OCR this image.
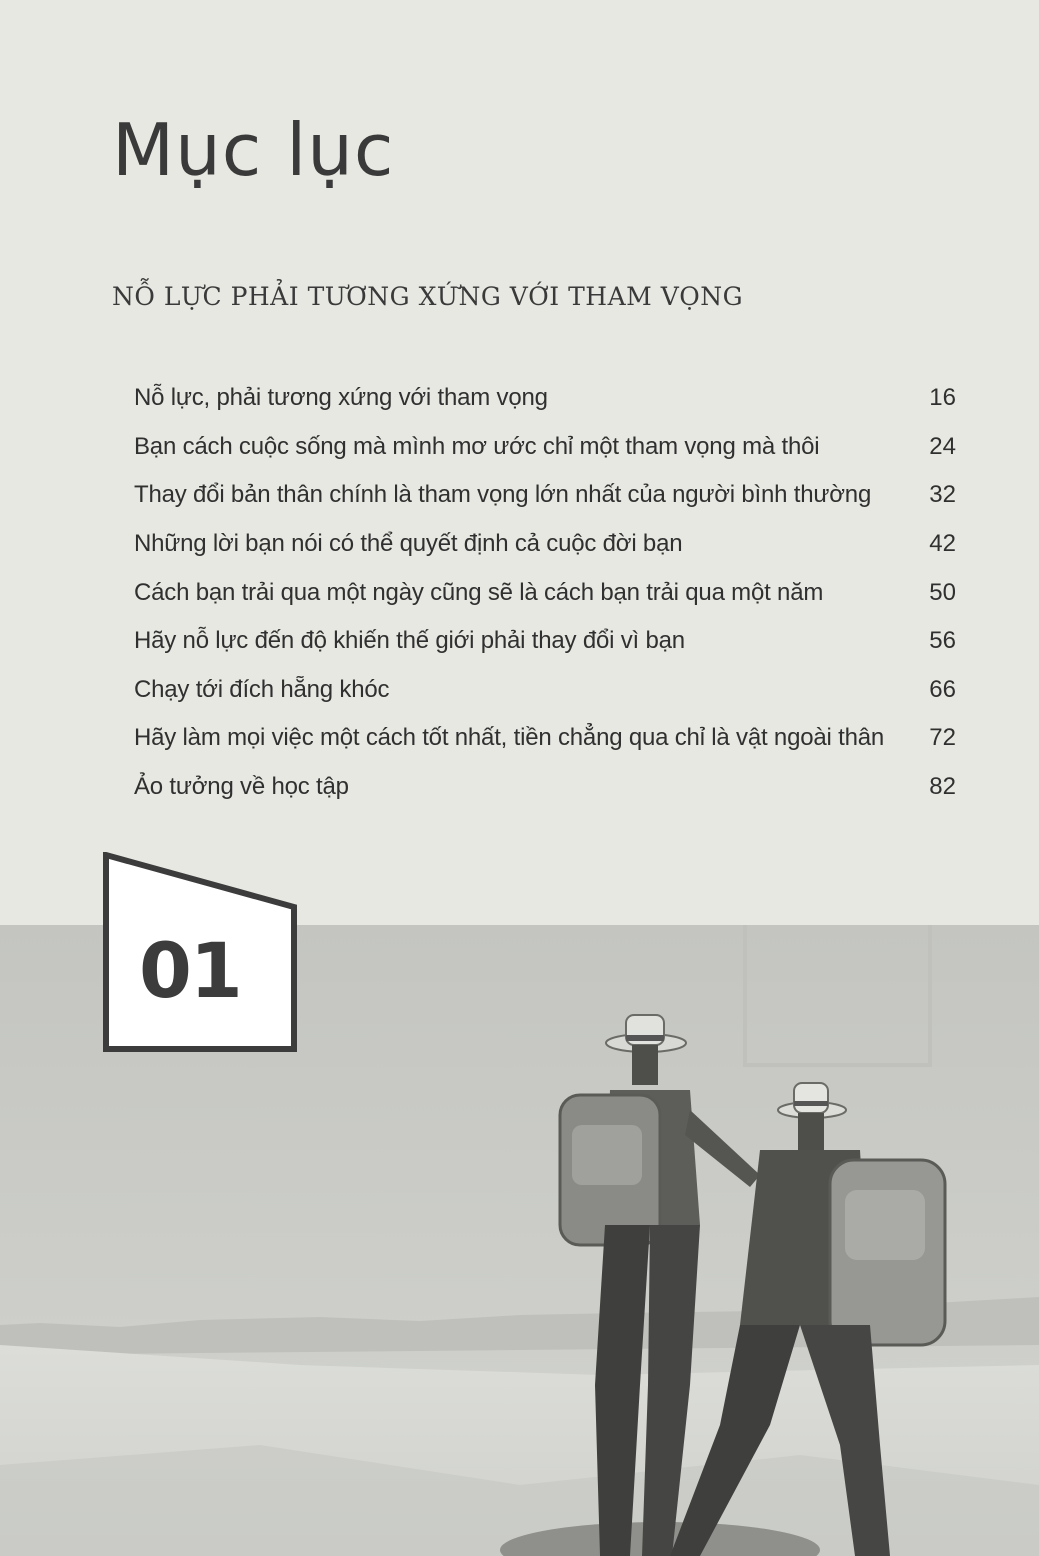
Mục lục
NỖ LỰC PHẢI TƯƠNG XỨNG VỚI THAM VỌNG
Nỗ lực, phải tương xứng với tham vọng	16
Bạn cách cuộc sống mà mình mơ ước chỉ một tham vọng mà thôi	24
Thay đổi bản thân chính là tham vọng lớn nhất của người bình thường	32
Những lời bạn nói có thể quyết định cả cuộc đời bạn	42
Cách bạn trải qua một ngày cũng sẽ là cách bạn trải qua một năm	50
Hãy nỗ lực đến độ khiến thế giới phải thay đổi vì bạn	56
Chạy tới đích hẵng khóc	66
Hãy làm mọi việc một cách tốt nhất, tiền chẳng qua chỉ là vật ngoài thân	72
Ảo tưởng về học tập	82
01
